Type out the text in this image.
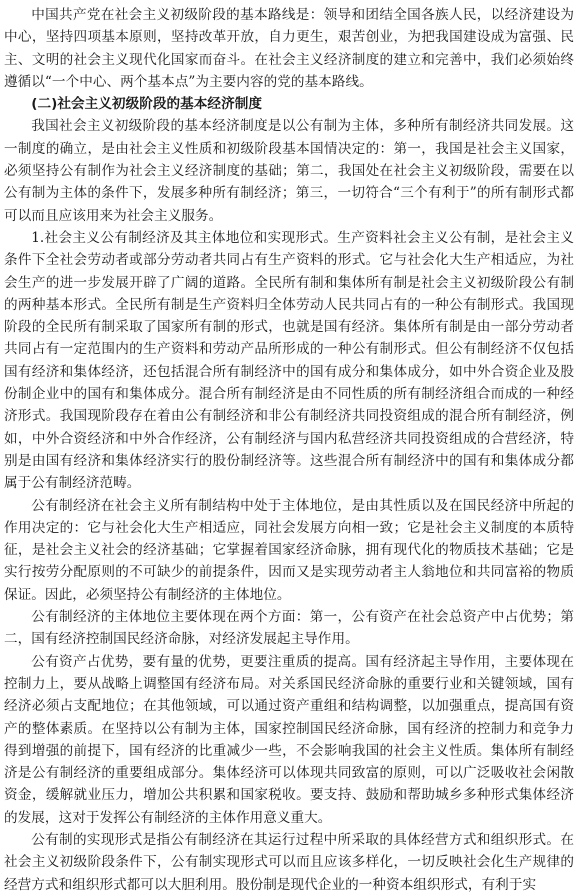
中国共产党在社会主义初级阶段的基本路线是：领导和团结全国各族人民，以经济建设为中心，坚持四项基本原则，坚持改革开放，自力更生，艰苦创业，为把我国建设成为富强、民主、文明的社会主义现代化国家而奋斗。在社会主义经济制度的建立和完善中，我们必须始终遵循以“一个中心、两个基本点”为主要内容的党的基本路线。

(二)社会主义初级阶段的基本经济制度

我国社会主义初级阶段的基本经济制度是以公有制为主体，多种所有制经济共同发展。这一制度的确立，是由社会主义性质和初级阶段基本国情决定的：第一，我国是社会主义国家，必须坚持公有制作为社会主义经济制度的基础；第二，我国处在社会主义初级阶段，需要在以公有制为主体的条件下，发展多种所有制经济；第三，一切符合“三个有利于”的所有制形式都可以而且应该用来为社会主义服务。

1.社会主义公有制经济及其主体地位和实现形式。生产资料社会主义公有制，是社会主义条件下全社会劳动者或部分劳动者共同占有生产资料的形式。它与社会化大生产相适应，为社会生产的进一步发展开辟了广阔的道路。全民所有制和集体所有制是社会主义初级阶段公有制的两种基本形式。全民所有制是生产资料归全体劳动人民共同占有的一种公有制形式。我国现阶段的全民所有制采取了国家所有制的形式，也就是国有经济。集体所有制是由一部分劳动者共同占有一定范围内的生产资料和劳动产品所形成的一种公有制形式。但公有制经济不仅包括国有经济和集体经济，还包括混合所有制经济中的国有成分和集体成分，如中外合资企业及股份制企业中的国有和集体成分。混合所有制经济是由不同性质的所有制经济组合而成的一种经济形式。我国现阶段存在着由公有制经济和非公有制经济共同投资组成的混合所有制经济，例如，中外合资经济和中外合作经济，公有制经济与国内私营经济共同投资组成的合营经济，特别是由国有经济和集体经济实行的股份制经济等。这些混合所有制经济中的国有和集体成分都属于公有制经济范畴。

公有制经济在社会主义所有制结构中处于主体地位，是由其性质以及在国民经济中所起的作用决定的：它与社会化大生产相适应，同社会发展方向相一致；它是社会主义制度的本质特征，是社会主义社会的经济基础；它掌握着国家经济命脉，拥有现代化的物质技术基础；它是实行按劳分配原则的不可缺少的前提条件，因而又是实现劳动者主人翁地位和共同富裕的物质保证。因此，必须坚持公有制经济的主体地位。

公有制经济的主体地位主要体现在两个方面：第一，公有资产在社会总资产中占优势；第二，国有经济控制国民经济命脉，对经济发展起主导作用。

公有资产占优势，要有量的优势，更要注重质的提高。国有经济起主导作用，主要体现在控制力上，要从战略上调整国有经济布局。对关系国民经济命脉的重要行业和关键领域，国有经济必须占支配地位；在其他领域，可以通过资产重组和结构调整，以加强重点，提高国有资产的整体素质。在坚持以公有制为主体，国家控制国民经济命脉，国有经济的控制力和竞争力得到增强的前提下，国有经济的比重减少一些，不会影响我国的社会主义性质。集体所有制经济是公有制经济的重要组成部分。集体经济可以体现共同致富的原则，可以广泛吸收社会闲散资金，缓解就业压力，增加公共积累和国家税收。要支持、鼓励和帮助城乡多种形式集体经济的发展，这对于发挥公有制经济的主体作用意义重大。

公有制的实现形式是指公有制经济在其运行过程中所采取的具体经营方式和组织形式。在社会主义初级阶段条件下，公有制实现形式可以而且应该多样化，一切反映社会化生产规律的经营方式和组织形式都可以大胆利用。股份制是现代企业的一种资本组织形式，有利于实
